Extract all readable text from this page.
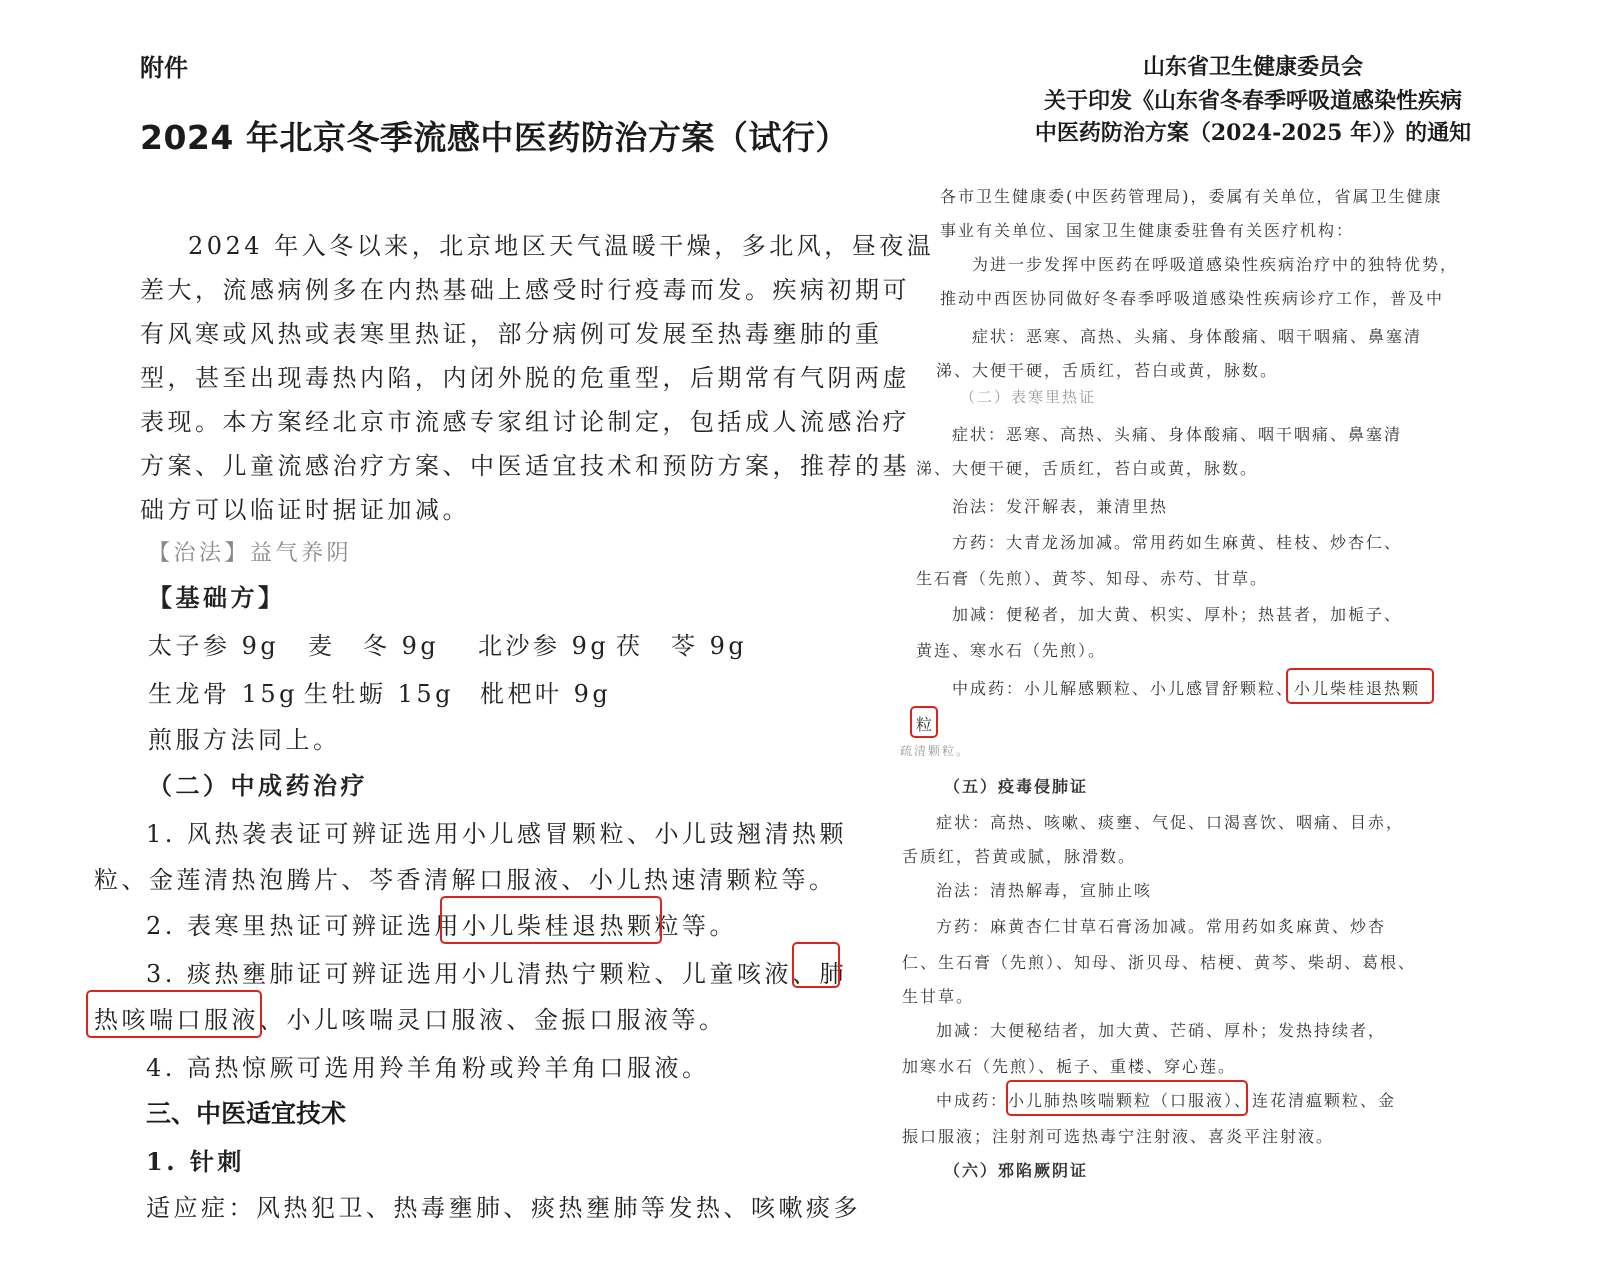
附件

2024 年北京冬季流感中医药防治方案（试行）

2024 年入冬以来，北京地区天气温暖干燥，多北风，昼夜温

差大，流感病例多在内热基础上感受时行疫毒而发。疾病初期可

有风寒或风热或表寒里热证，部分病例可发展至热毒壅肺的重

型，甚至出现毒热内陷，内闭外脱的危重型，后期常有气阴两虚

表现。本方案经北京市流感专家组讨论制定，包括成人流感治疗

方案、儿童流感治疗方案、中医适宜技术和预防方案，推荐的基

础方可以临证时据证加减。

【治法】益气养阴

【基础方】

太子参 9g 麦　冬 9g 北沙参 9g 茯　苓 9g

生龙骨 15g 生牡蛎 15g 枇杷叶 9g

煎服方法同上。

（二）中成药治疗

1. 风热袭表证可辨证选用小儿感冒颗粒、小儿豉翘清热颗

粒、金莲清热泡腾片、芩香清解口服液、小儿热速清颗粒等。

2. 表寒里热证可辨证选用小儿柴桂退热颗粒等。

3. 痰热壅肺证可辨证选用小儿清热宁颗粒、儿童咳液、肺

热咳喘口服液、小儿咳喘灵口服液、金振口服液等。

4. 高热惊厥可选用羚羊角粉或羚羊角口服液。

三、中医适宜技术

1. 针刺

适应症：风热犯卫、热毒壅肺、痰热壅肺等发热、咳嗽痰多

山东省卫生健康委员会
关于印发《山东省冬春季呼吸道感染性疾病
中医药防治方案（2024-2025 年）》的通知

各市卫生健康委(中医药管理局)，委属有关单位，省属卫生健康

事业有关单位、国家卫生健康委驻鲁有关医疗机构：

为进一步发挥中医药在呼吸道感染性疾病治疗中的独特优势，

推动中西医协同做好冬春季呼吸道感染性疾病诊疗工作，普及中

症状：恶寒、高热、头痛、身体酸痛、咽干咽痛、鼻塞清

涕、大便干硬，舌质红，苔白或黄，脉数。

（二）表寒里热证

症状：恶寒、高热、头痛、身体酸痛、咽干咽痛、鼻塞清

涕、大便干硬，舌质红，苔白或黄，脉数。

治法：发汗解表，兼清里热

方药：大青龙汤加减。常用药如生麻黄、桂枝、炒杏仁、

生石膏（先煎）、黄芩、知母、赤芍、甘草。

加减：便秘者，加大黄、枳实、厚朴；热甚者，加栀子、

黄连、寒水石（先煎）。

中成药：小儿解感颗粒、小儿感冒舒颗粒、小儿柴桂退热颗

粒

疏清颗粒。

（五）疫毒侵肺证

症状：高热、咳嗽、痰壅、气促、口渴喜饮、咽痛、目赤，

舌质红，苔黄或腻，脉滑数。

治法：清热解毒，宣肺止咳

方药：麻黄杏仁甘草石膏汤加减。常用药如炙麻黄、炒杏

仁、生石膏（先煎）、知母、浙贝母、桔梗、黄芩、柴胡、葛根、

生甘草。

加减：大便秘结者，加大黄、芒硝、厚朴；发热持续者，

加寒水石（先煎）、栀子、重楼、穿心莲。

中成药：小儿肺热咳喘颗粒（口服液）、连花清瘟颗粒、金

振口服液；注射剂可选热毒宁注射液、喜炎平注射液。

（六）邪陷厥阴证
